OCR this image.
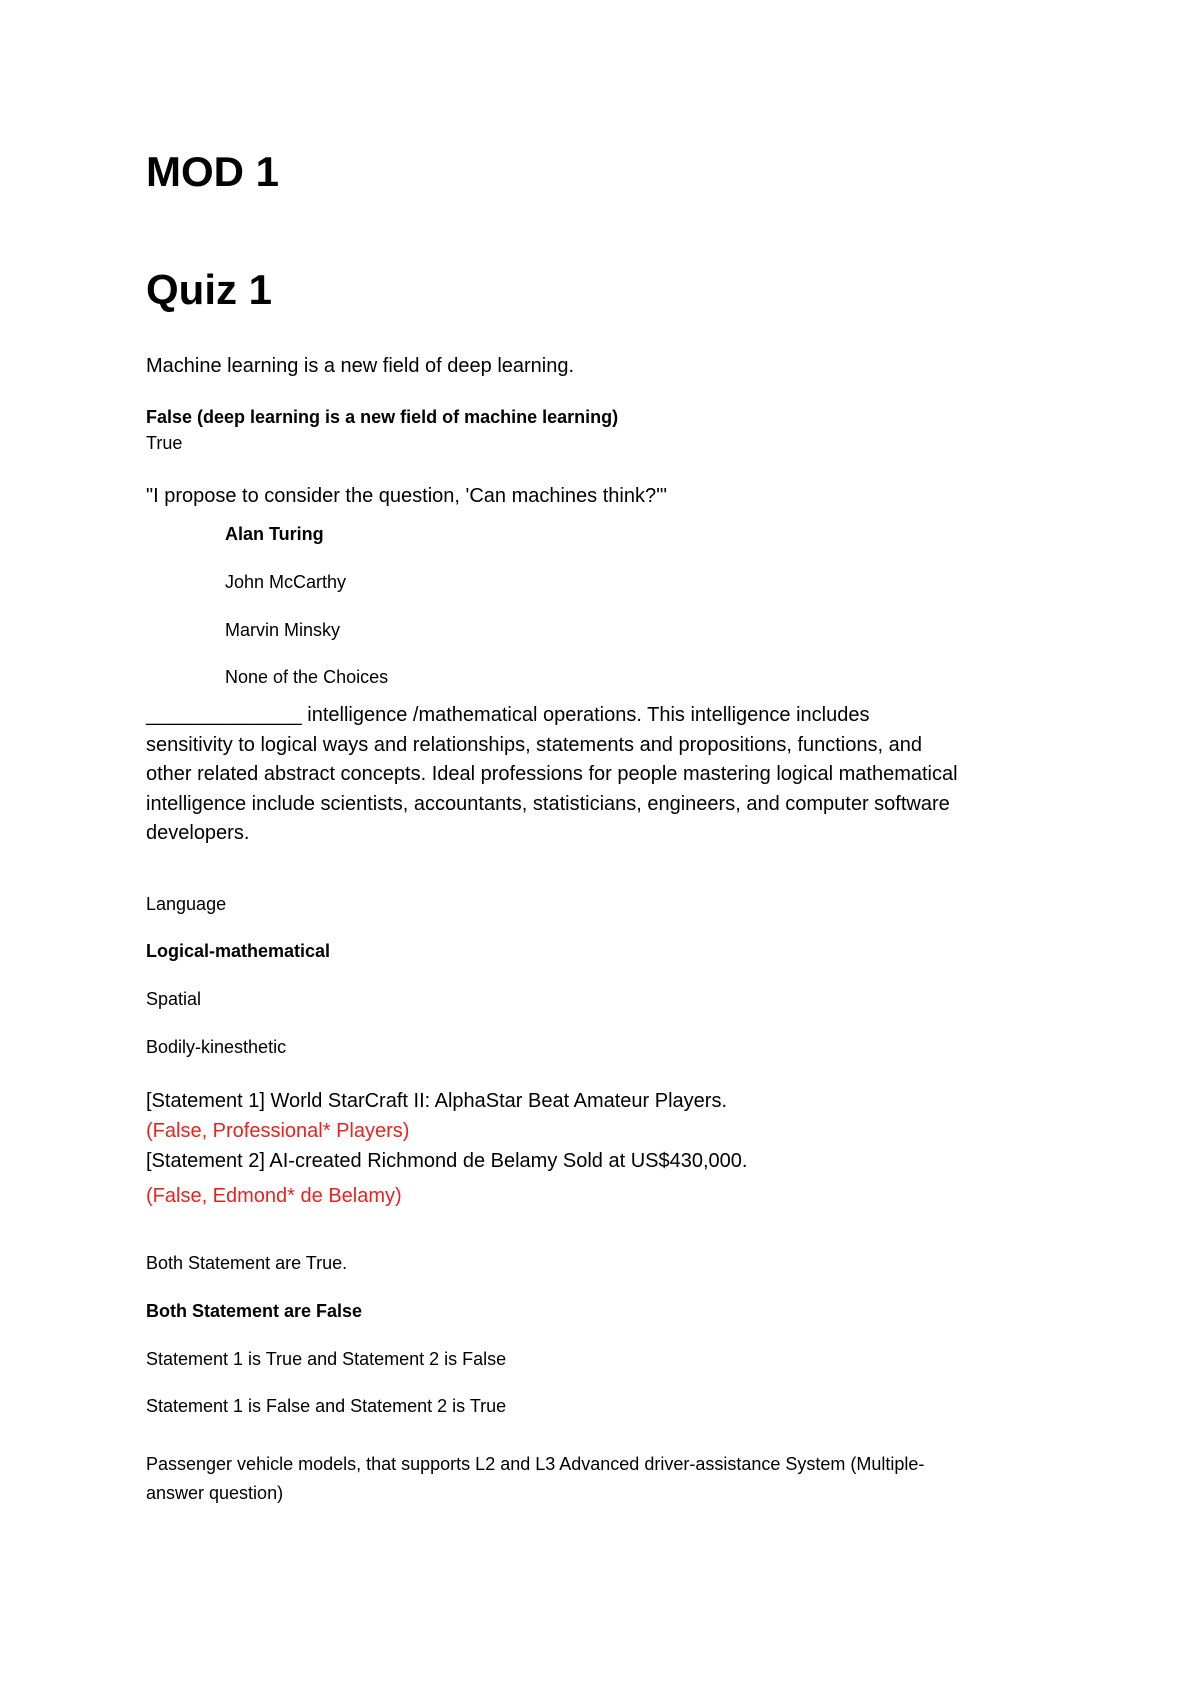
MOD 1
Quiz 1
Machine learning is a new field of deep learning.
False (deep learning is a new field of machine learning)
True
"I propose to consider the question, 'Can machines think?'"
Alan Turing
John McCarthy
Marvin Minsky
None of the Choices
______________ intelligence /mathematical operations. This intelligence includes
sensitivity to logical ways and relationships, statements and propositions, functions, and
other related abstract concepts. Ideal professions for people mastering logical mathematical
intelligence include scientists, accountants, statisticians, engineers, and computer software
developers.
Language
Logical-mathematical
Spatial
Bodily-kinesthetic
[Statement 1] World StarCraft II: AlphaStar Beat Amateur Players.
(False, Professional* Players)
[Statement 2] AI-created Richmond de Belamy Sold at US$430,000.
(False, Edmond* de Belamy)
Both Statement are True.
Both Statement are False
Statement 1 is True and Statement 2 is False
Statement 1 is False and Statement 2 is True
Passenger vehicle models, that supports L2 and L3 Advanced driver-assistance System (Multiple-
answer question)
